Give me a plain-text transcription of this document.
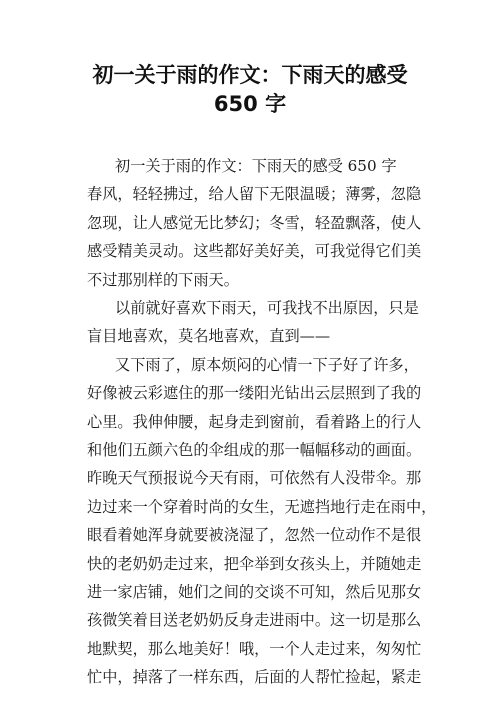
初一关于雨的作文：下雨天的感受
650 字
初一关于雨的作文：下雨天的感受 650 字
春风，轻轻拂过，给人留下无限温暖；薄雾，忽隐
忽现，让人感觉无比梦幻；冬雪，轻盈飘落，使人
感受精美灵动。这些都好美好美，可我觉得它们美
不过那别样的下雨天。
以前就好喜欢下雨天，可我找不出原因，只是
盲目地喜欢，莫名地喜欢，直到——
又下雨了，原本烦闷的心情一下子好了许多，
好像被云彩遮住的那一缕阳光钻出云层照到了我的
心里。我伸伸腰，起身走到窗前，看着路上的行人
和他们五颜六色的伞组成的那一幅幅移动的画面。
昨晚天气预报说今天有雨，可依然有人没带伞。那
边过来一个穿着时尚的女生，无遮挡地行走在雨中，
眼看着她浑身就要被浇湿了，忽然一位动作不是很
快的老奶奶走过来，把伞举到女孩头上，并随她走
进一家店铺，她们之间的交谈不可知，然后见那女
孩微笑着目送老奶奶反身走进雨中。这一切是那么
地默契，那么地美好！哦，一个人走过来，匆匆忙
忙中，掉落了一样东西，后面的人帮忙捡起，紧走
